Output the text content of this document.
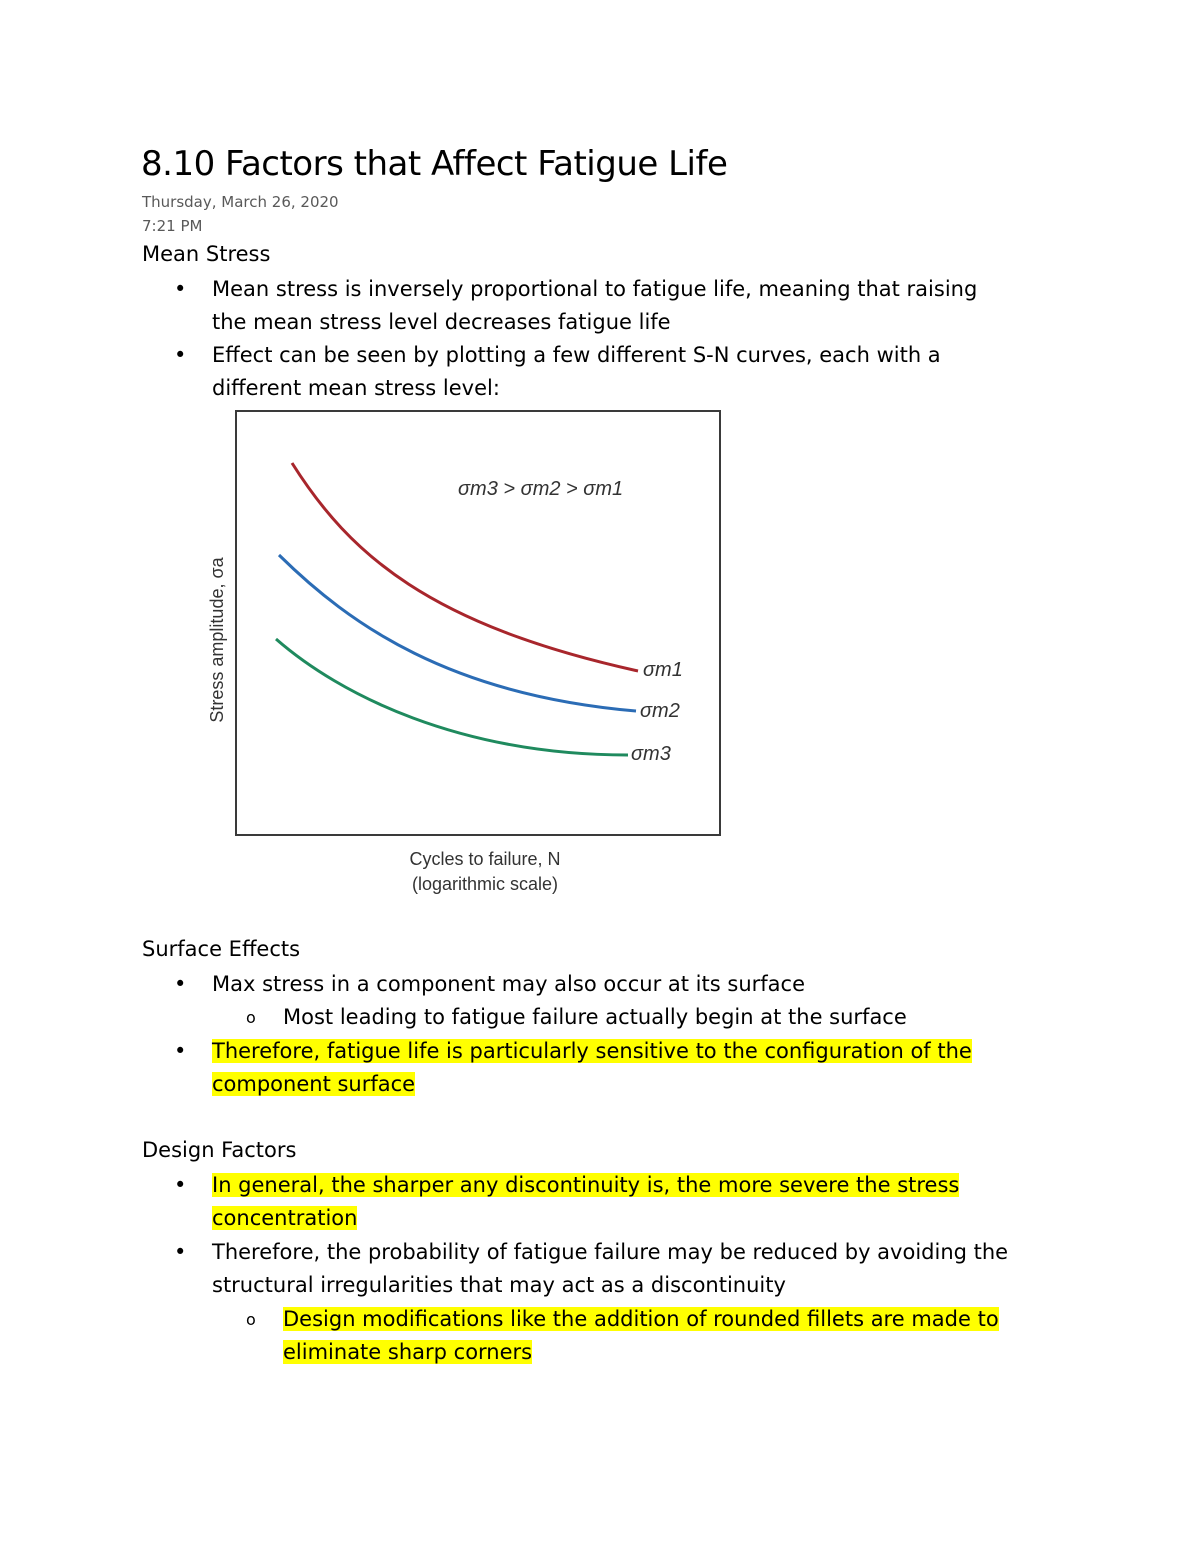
8.10 Factors that Affect Fatigue Life
Thursday, March 26, 2020
7:21 PM
Mean Stress
• Mean stress is inversely proportional to fatigue life, meaning that raising
the mean stress level decreases fatigue life
• Effect can be seen by plotting a few different S-N curves, each with a
different mean stress level:
σm1
σm2
σm3
σm3 > σm2 > σm1
Stress amplitude, σa
Cycles to failure, N
(logarithmic scale)
Surface Effects
• Max stress in a component may also occur at its surface
o Most leading to fatigue failure actually begin at the surface
• Therefore, fatigue life is particularly sensitive to the configuration of the
component surface
Design Factors
• In general, the sharper any discontinuity is, the more severe the stress
concentration
• Therefore, the probability of fatigue failure may be reduced by avoiding the
structural irregularities that may act as a discontinuity
o Design modifications like the addition of rounded fillets are made to
eliminate sharp corners
